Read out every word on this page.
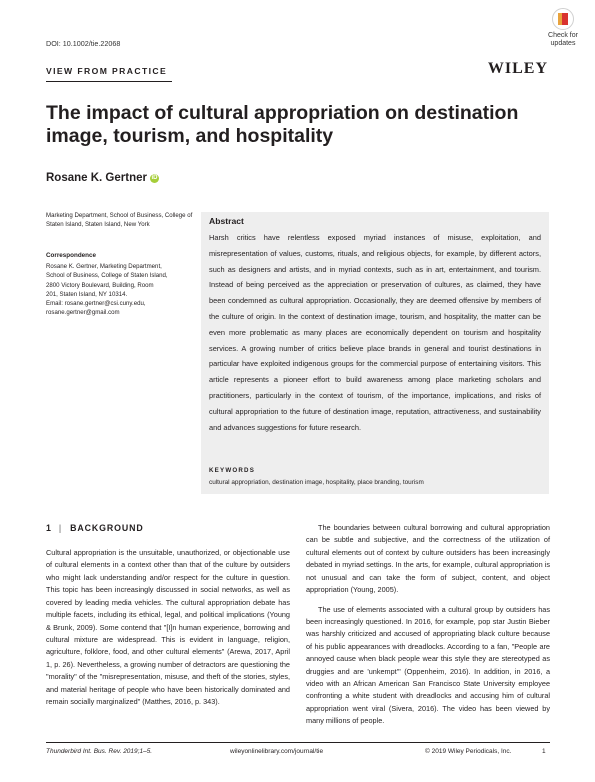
DOI: 10.1002/tie.22068
Check for updates
VIEW FROM PRACTICE	WILEY
The impact of cultural appropriation on destination image, tourism, and hospitality
Rosane K. Gertner iD
Marketing Department, School of Business, College of Staten Island, Staten Island, New York
Correspondence
Rosane K. Gertner, Marketing Department,
School of Business, College of Staten Island,
2800 Victory Boulevard, Building, Room
201, Staten Island, NY 10314.
Email: rosane.gertner@csi.cuny.edu,
rosane.gertner@gmail.com
Abstract
Harsh critics have relentless exposed myriad instances of misuse, exploitation, and misrepresentation of values, customs, rituals, and religious objects, for example, by different actors, such as designers and artists, and in myriad contexts, such as in art, entertainment, and tourism. Instead of being perceived as the appreciation or preservation of cultures, as claimed, they have been condemned as cultural appropriation. Occasionally, they are deemed offensive by members of the culture of origin. In the context of destination image, tourism, and hospitality, the matter can be even more problematic as many places are economically dependent on tourism and hospitality services. A growing number of critics believe place brands in general and tourist destinations in particular have exploited indigenous groups for the commercial purpose of entertaining visitors. This article represents a pioneer effort to build awareness among place marketing scholars and practitioners, particularly in the context of tourism, of the importance, implications, and risks of cultural appropriation to the future of destination image, reputation, attractiveness, and sustainability and advances suggestions for future research.
KEYWORDS
cultural appropriation, destination image, hospitality, place branding, tourism
1 | BACKGROUND

Cultural appropriation is the unsuitable, unauthorized, or objectionable use of cultural elements in a context other than that of the culture by outsiders who might lack understanding and/or respect for the culture in question. This topic has been increasingly discussed in social networks, as well as covered by leading media vehicles. The cultural appropriation debate has multiple facets, including its ethical, legal, and political implications (Young & Brunk, 2009). Some contend that "[I]n human experience, borrowing and cultural mixture are widespread. This is evident in language, religion, agriculture, folklore, food, and other cultural elements" (Arewa, 2017, April 1, p. 26). Nevertheless, a growing number of detractors are questioning the "morality" of the "misrepresentation, misuse, and theft of the stories, styles, and material heritage of people who have been historically dominated and remain socially marginalized" (Matthes, 2016, p. 343).

The boundaries between cultural borrowing and cultural appropriation can be subtle and subjective, and the correctness of the utilization of cultural elements out of context by culture outsiders has been increasingly debated in myriad settings. In the arts, for example, cultural appropriation is not unusual and can take the form of subject, content, and object appropriation (Young, 2005).

The use of elements associated with a cultural group by outsiders has been increasingly questioned. In 2016, for example, pop star Justin Bieber was harshly criticized and accused of appropriating black culture because of his public appearances with dreadlocks. According to a fan, "People are annoyed cause when black people wear this style they are stereotyped as druggies and are 'unkempt'" (Oppenheim, 2016). In addition, in 2016, a video with an African American San Francisco State University employee confronting a white student with dreadlocks and accusing him of cultural appropriation went viral (Sivera, 2016). The video has been viewed by many millions of people.

Thunderbird Int. Bus. Rev. 2019;1–5.	wileyonlinelibrary.com/journal/tie	© 2019 Wiley Periodicals, Inc.	1
